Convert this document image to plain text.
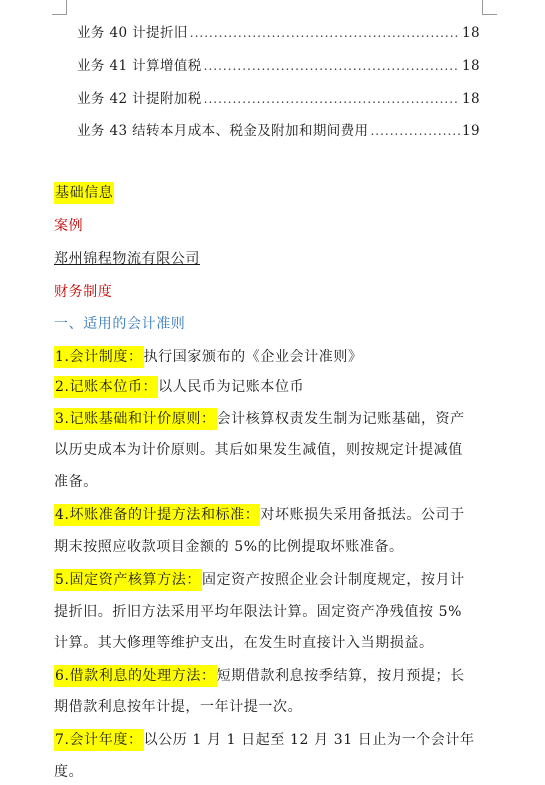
业务 40 计提折旧 .....	18
业务 41 计算增值税 .....	18
业务 42 计提附加税 .....	18
业务 43 结转本月成本、税金及附加和期间费用 .....	19
基础信息
案例
郑州锦程物流有限公司
财务制度
一、适用的会计准则
1.会计制度：执行国家颁布的《企业会计准则》
2.记账本位币：以人民币为记账本位币
3.记账基础和计价原则：会计核算权责发生制为记账基础，资产
以历史成本为计价原则。其后如果发生减值，则按规定计提减值
准备。
4.坏账准备的计提方法和标准：对坏账损失采用备抵法。公司于
期末按照应收款项目金额的 5%的比例提取坏账准备。
5.固定资产核算方法：固定资产按照企业会计制度规定，按月计
提折旧。折旧方法采用平均年限法计算。固定资产净残值按 5%
计算。其大修理等维护支出，在发生时直接计入当期损益。
6.借款利息的处理方法：短期借款利息按季结算，按月预提；长
期借款利息按年计提，一年计提一次。
7.会计年度：以公历 1 月 1 日起至 12 月 31 日止为一个会计年
度。
